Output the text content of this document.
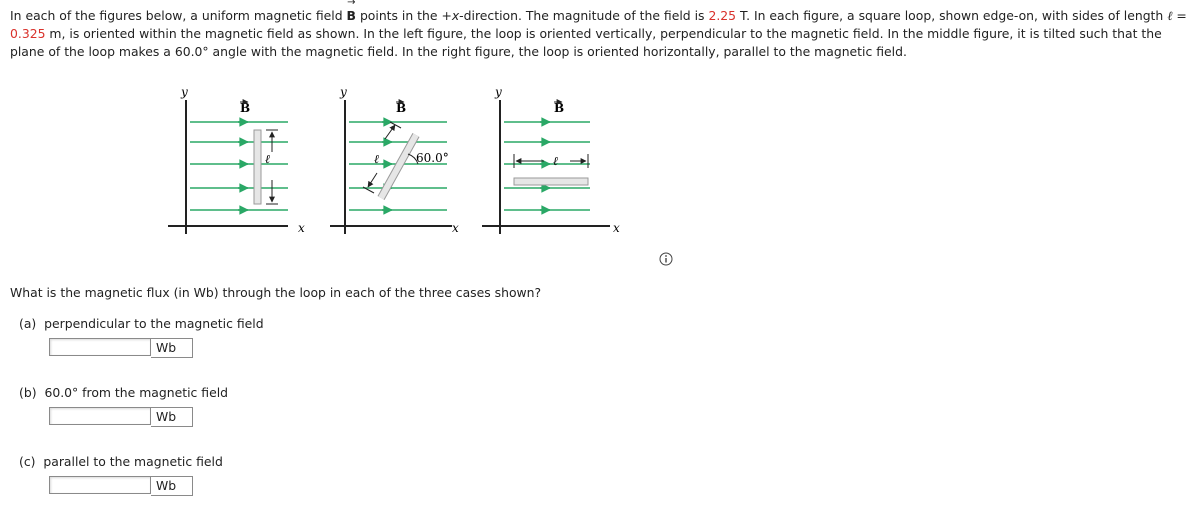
In each of the figures below, a uniform magnetic field → B points in the +x-direction. The magnitude of the field is 2.25 T. In each figure, a square loop, shown edge-on, with sides of length ℓ = 0.325 m, is oriented within the magnetic field as shown. In the left figure, the loop is oriented vertically, perpendicular to the magnetic field. In the middle figure, it is tilted such that the plane of the loop makes a 60.0° angle with the magnetic field. In the right figure, the loop is oriented horizontally, parallel to the magnetic field.
y
x
B
ℓ
y
x
B
ℓ	60.0°
y
x
B
ℓ
What is the magnetic flux (in Wb) through the loop in each of the three cases shown?
(a) perpendicular to the magnetic field
Wb
(b) 60.0° from the magnetic field
Wb
(c) parallel to the magnetic field
Wb
